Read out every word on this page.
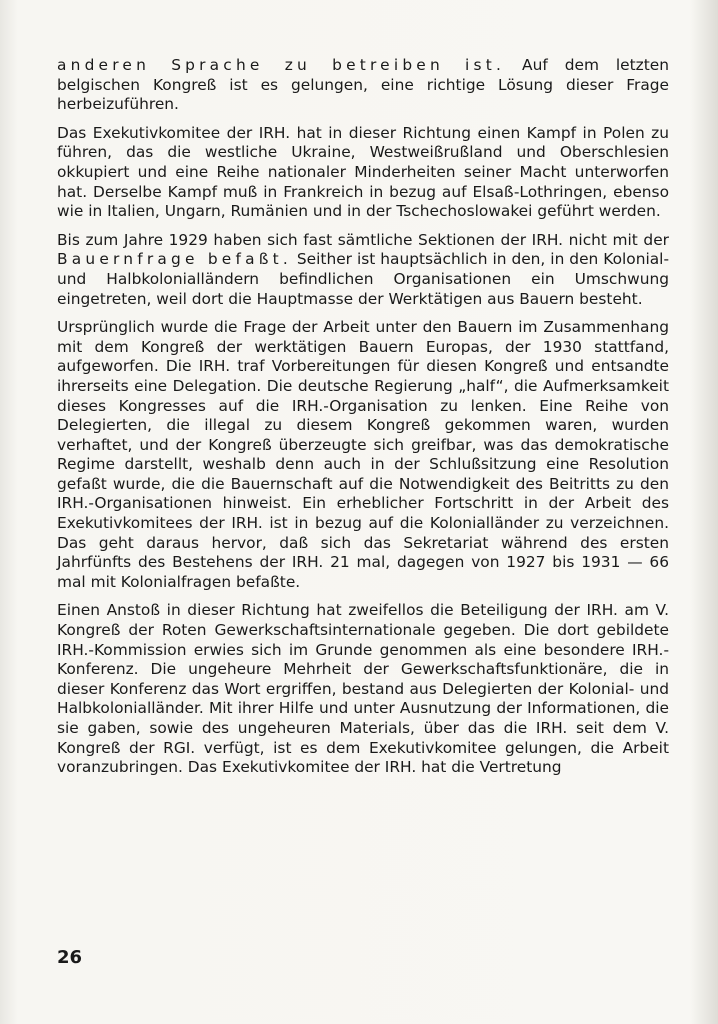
anderen Sprache zu betreiben ist. Auf dem letzten belgischen Kongreß ist es gelungen, eine richtige Lösung dieser Frage herbeizuführen.

Das Exekutivkomitee der IRH. hat in dieser Richtung einen Kampf in Polen zu führen, das die westliche Ukraine, Westweißrußland und Oberschlesien okkupiert und eine Reihe nationaler Minderheiten seiner Macht unterworfen hat. Derselbe Kampf muß in Frankreich in bezug auf Elsaß-Lothringen, ebenso wie in Italien, Ungarn, Rumänien und in der Tschechoslowakei geführt werden.

Bis zum Jahre 1929 haben sich fast sämtliche Sektionen der IRH. nicht mit der Bauernfrage befaßt. Seither ist hauptsächlich in den, in den Kolonial- und Halbkolonialländern befindlichen Organisationen ein Umschwung eingetreten, weil dort die Hauptmasse der Werktätigen aus Bauern besteht.

Ursprünglich wurde die Frage der Arbeit unter den Bauern im Zusammenhang mit dem Kongreß der werktätigen Bauern Europas, der 1930 stattfand, aufgeworfen. Die IRH. traf Vorbereitungen für diesen Kongreß und entsandte ihrerseits eine Delegation. Die deutsche Regierung „half“, die Aufmerksamkeit dieses Kongresses auf die IRH.-Organisation zu lenken. Eine Reihe von Delegierten, die illegal zu diesem Kongreß gekommen waren, wurden verhaftet, und der Kongreß überzeugte sich greifbar, was das demokratische Regime darstellt, weshalb denn auch in der Schlußsitzung eine Resolution gefaßt wurde, die die Bauernschaft auf die Notwendigkeit des Beitritts zu den IRH.-Organisationen hinweist. Ein erheblicher Fortschritt in der Arbeit des Exekutivkomitees der IRH. ist in bezug auf die Kolonialländer zu verzeichnen. Das geht daraus hervor, daß sich das Sekretariat während des ersten Jahrfünfts des Bestehens der IRH. 21 mal, dagegen von 1927 bis 1931 — 66 mal mit Kolonialfragen befaßte.

Einen Anstoß in dieser Richtung hat zweifellos die Beteiligung der IRH. am V. Kongreß der Roten Gewerkschaftsinternationale gegeben. Die dort gebildete IRH.-Kommission erwies sich im Grunde genommen als eine besondere IRH.-Konferenz. Die ungeheure Mehrheit der Gewerkschaftsfunktionäre, die in dieser Konferenz das Wort ergriffen, bestand aus Delegierten der Kolonial- und Halbkolonialländer. Mit ihrer Hilfe und unter Ausnutzung der Informationen, die sie gaben, sowie des ungeheuren Materials, über das die IRH. seit dem V. Kongreß der RGI. verfügt, ist es dem Exekutivkomitee gelungen, die Arbeit voranzubringen. Das Exekutivkomitee der IRH. hat die Vertretung

26
